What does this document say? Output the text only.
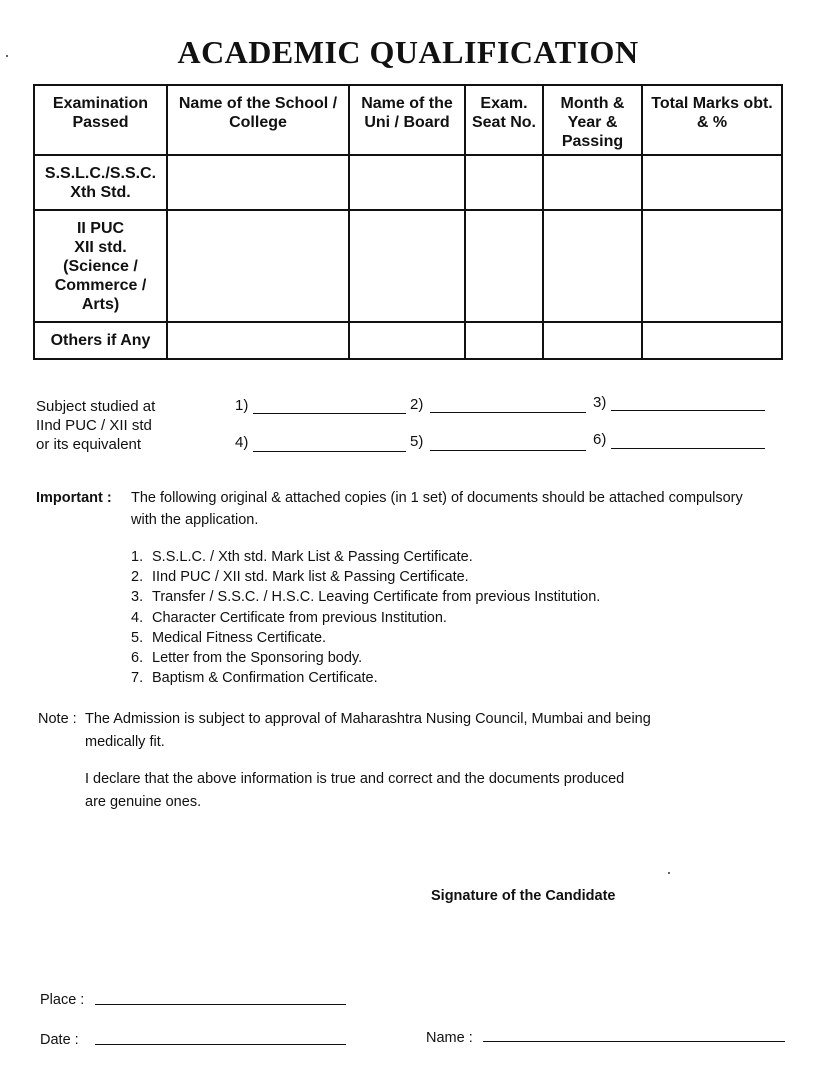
ACADEMIC QUALIFICATION
Examination Passed	Name of the School / College	Name of the Uni / Board	Exam. Seat No.	Month & Year & Passing	Total Marks obt. & %

S.S.L.C./S.S.C.
Xth Std.					

II PUC
XII std.
(Science /
Commerce /
Arts)					

Others if Any					

Subject studied at
IInd PUC / XII std
or its equivalent
1)	2)	3)
4)	5)	6)
Important : The following original & attached copies (in 1 set) of documents should be attached compulsory
with the application.
1. S.S.L.C. / Xth std. Mark List & Passing Certificate.
2. IInd PUC / XII std. Mark list & Passing Certificate.
3. Transfer / S.S.C. / H.S.C. Leaving Certificate from previous Institution.
4. Character Certificate from previous Institution.
5. Medical Fitness Certificate.
6. Letter from the Sponsoring body.
7. Baptism & Confirmation Certificate.
Note : The Admission is subject to approval of Maharashtra Nusing Council, Mumbai and being
medically fit.
I declare that the above information is true and correct and the documents produced
are genuine ones.
Signature of the Candidate
Place :
Date :	Name :
